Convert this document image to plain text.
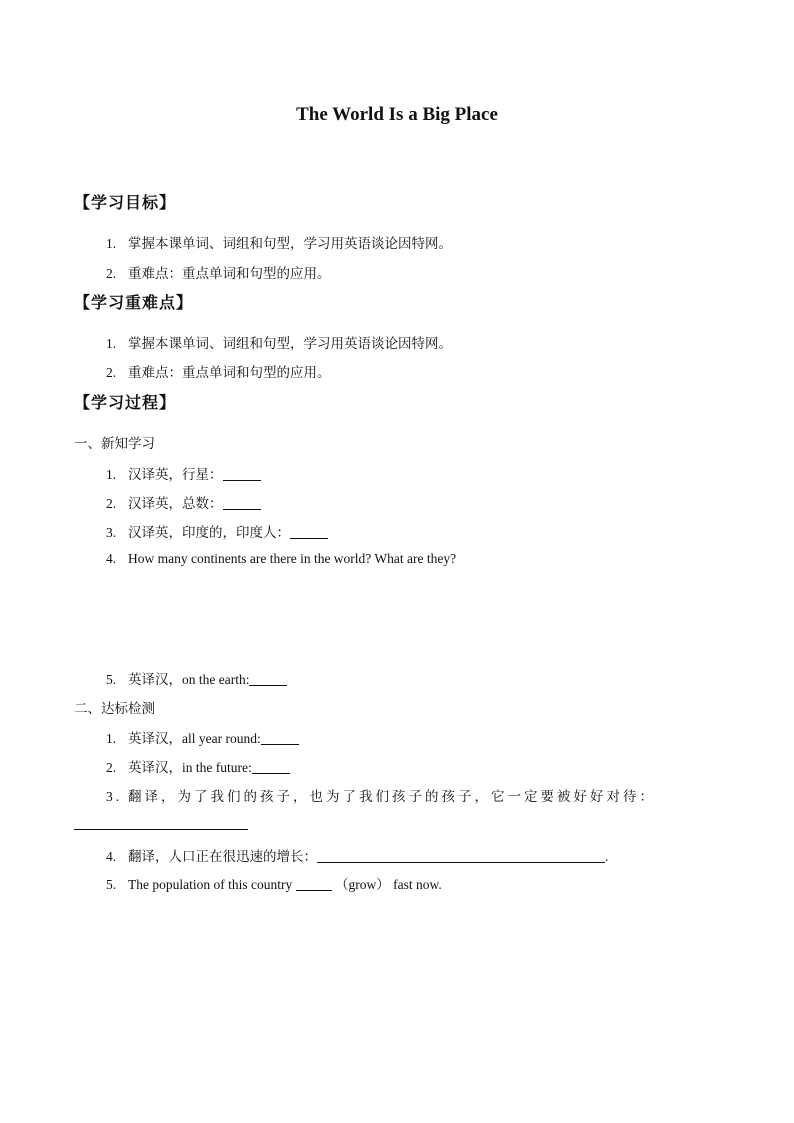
The World Is a Big Place
【学习目标】
1. 掌握本课单词、词组和句型，学习用英语谈论因特网。
2. 重难点：重点单词和句型的应用。
【学习重难点】
1. 掌握本课单词、词组和句型，学习用英语谈论因特网。
2. 重难点：重点单词和句型的应用。
【学习过程】
一、新知学习
1. 汉译英，行星：
2. 汉译英，总数：
3. 汉译英，印度的，印度人：
4. How many continents are there in the world? What are they?
5. 英译汉，on the earth:
二、达标检测
1. 英译汉，all year round:
2. 英译汉，in the future:
3. 翻译，为了我们的孩子，也为了我们孩子的孩子，它一定要被好好对待：
4. 翻译，人口正在很迅速的增长：	.
5. The population of this country	（grow） fast now.
